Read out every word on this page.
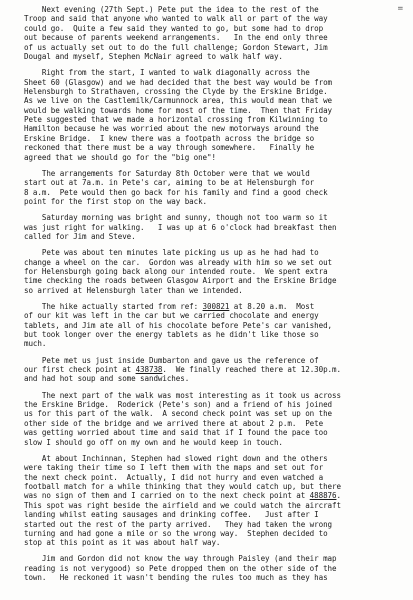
=
Next evening (27th Sept.) Pete put the idea to the rest of the
Troop and said that anyone who wanted to walk all or part of the way
could go.  Quite a few said they wanted to go, but some had to drop
out because of parents weekend arrangements.   In the end only three
of us actually set out to do the full challenge; Gordon Stewart, Jim
Dougal and myself, Stephen McNair agreed to walk half way.
Right from the start, I wanted to walk diagonally across the
Sheet 60 (Glasgow) and we had decided that the best way would be from
Helensburgh to Strathaven, crossing the Clyde by the Erskine Bridge.
As we live on the Castlemilk/Carmunnock area, this would mean that we
would be walking towards home for most of the time.  Then that Friday
Pete suggested that we made a horizontal crossing from Kilwinning to
Hamilton because he was worried about the new motorways around the
Erskine Bridge.  I knew there was a footpath across the bridge so
reckoned that there must be a way through somewhere.   Finally he
agreed that we should go for the "big one"!
The arrangements for Saturday 8th October were that we would
start out at 7a.m. in Pete's car, aiming to be at Helensburgh for
8 a.m.  Pete would then go back for his family and find a good check
point for the first stop on the way back.
Saturday morning was bright and sunny, though not too warm so it
was just right for walking.   I was up at 6 o'clock had breakfast then
called for Jim and Steve.
Pete was about ten minutes late picking us up as he had had to
change a wheel on the car.  Gordon was already with him so we set out
for Helensburgh going back along our intended route.  We spent extra
time checking the roads between Glasgow Airport and the Erskine Bridge
so arrived at Helensburgh later than we intended.
The hike actually started from ref: 300821 at 8.20 a.m.  Most
of our kit was left in the car but we carried chocolate and energy
tablets, and Jim ate all of his chocolate before Pete's car vanished,
but took longer over the energy tablets as he didn't like those so
much.
Pete met us just inside Dumbarton and gave us the reference of
our first check point at 438738.  We finally reached there at 12.30p.m.
and had hot soup and some sandwiches.
The next part of the walk was most interesting as it took us across
the Erskine Bridge.  Roderick (Pete's son) and a friend of his joined
us for this part of the walk.  A second check point was set up on the
other side of the bridge and we arrived there at about 2 p.m.  Pete
was getting worried about time and said that if I found the pace too
slow I should go off on my own and he would keep in touch.
At about Inchinnan, Stephen had slowed right down and the others
were taking their time so I left them with the maps and set out for
the next check point.  Actually, I did not hurry and even watched a
football match for a while thinking that they would catch up, but there
was no sign of them and I carried on to the next check point at 488876.
This spot was right beside the airfield and we could watch the aircraft
landing whilst eating sausages and drinking coffee.   Just after I
started out the rest of the party arrived.   They had taken the wrong
turning and had gone a mile or so the wrong way.  Stephen decided to
stop at this point as it was about half way.
Jim and Gordon did not know the way through Paisley (and their map
reading is not verygood) so Pete dropped them on the other side of the
town.   He reckoned it wasn't bending the rules too much as they has
